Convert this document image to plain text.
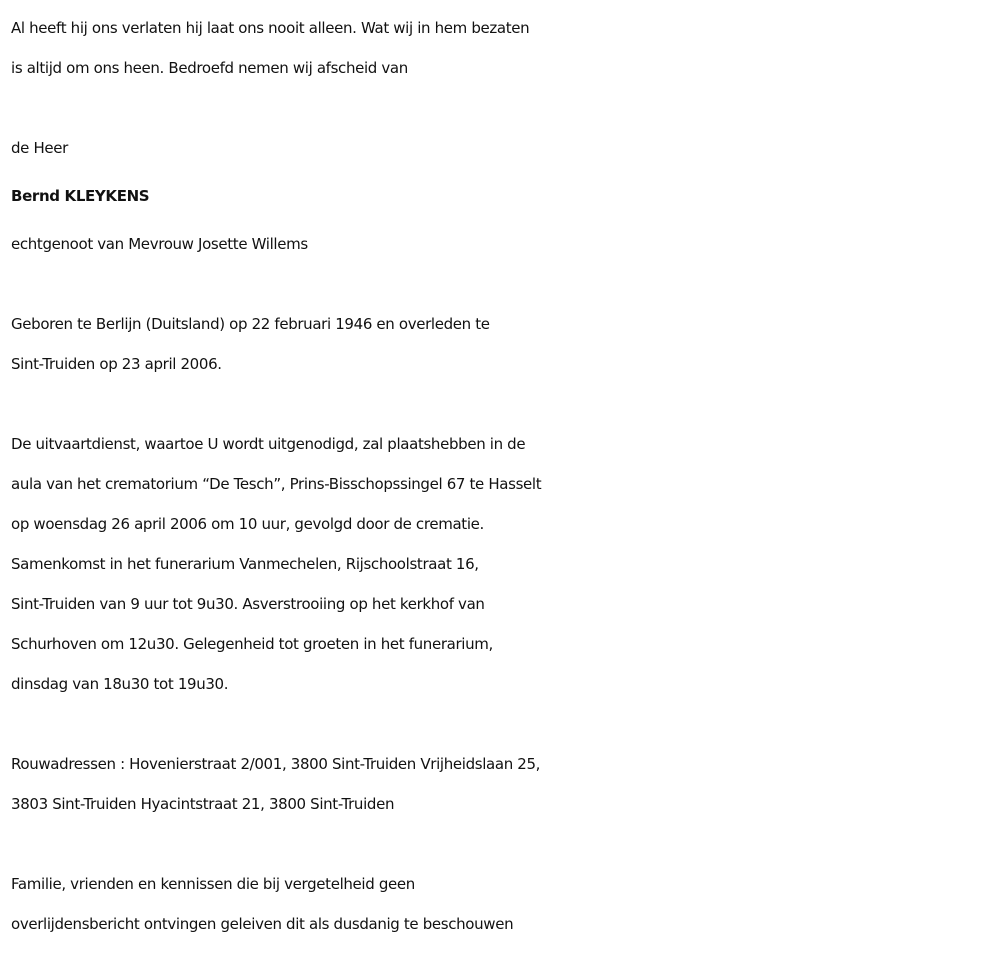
Al heeft hij ons verlaten hij laat ons nooit alleen. Wat wij in hem bezaten
is altijd om ons heen. Bedroefd nemen wij afscheid van
de Heer
Bernd KLEYKENS
echtgenoot van Mevrouw Josette Willems
Geboren te Berlijn (Duitsland) op 22 februari 1946 en overleden te
Sint-Truiden op 23 april 2006.
De uitvaartdienst, waartoe U wordt uitgenodigd, zal plaatshebben in de
aula van het crematorium “De Tesch”, Prins-Bisschopssingel 67 te Hasselt
op woensdag 26 april 2006 om 10 uur, gevolgd door de crematie.
Samenkomst in het funerarium Vanmechelen, Rijschoolstraat 16,
Sint-Truiden van 9 uur tot 9u30. Asverstrooiing op het kerkhof van
Schurhoven om 12u30. Gelegenheid tot groeten in het funerarium,
dinsdag van 18u30 tot 19u30.
Rouwadressen : Hovenierstraat 2/001, 3800 Sint-Truiden Vrijheidslaan 25,
3803 Sint-Truiden Hyacintstraat 21, 3800 Sint-Truiden
Familie, vrienden en kennissen die bij vergetelheid geen
overlijdensbericht ontvingen geleiven dit als dusdanig te beschouwen
